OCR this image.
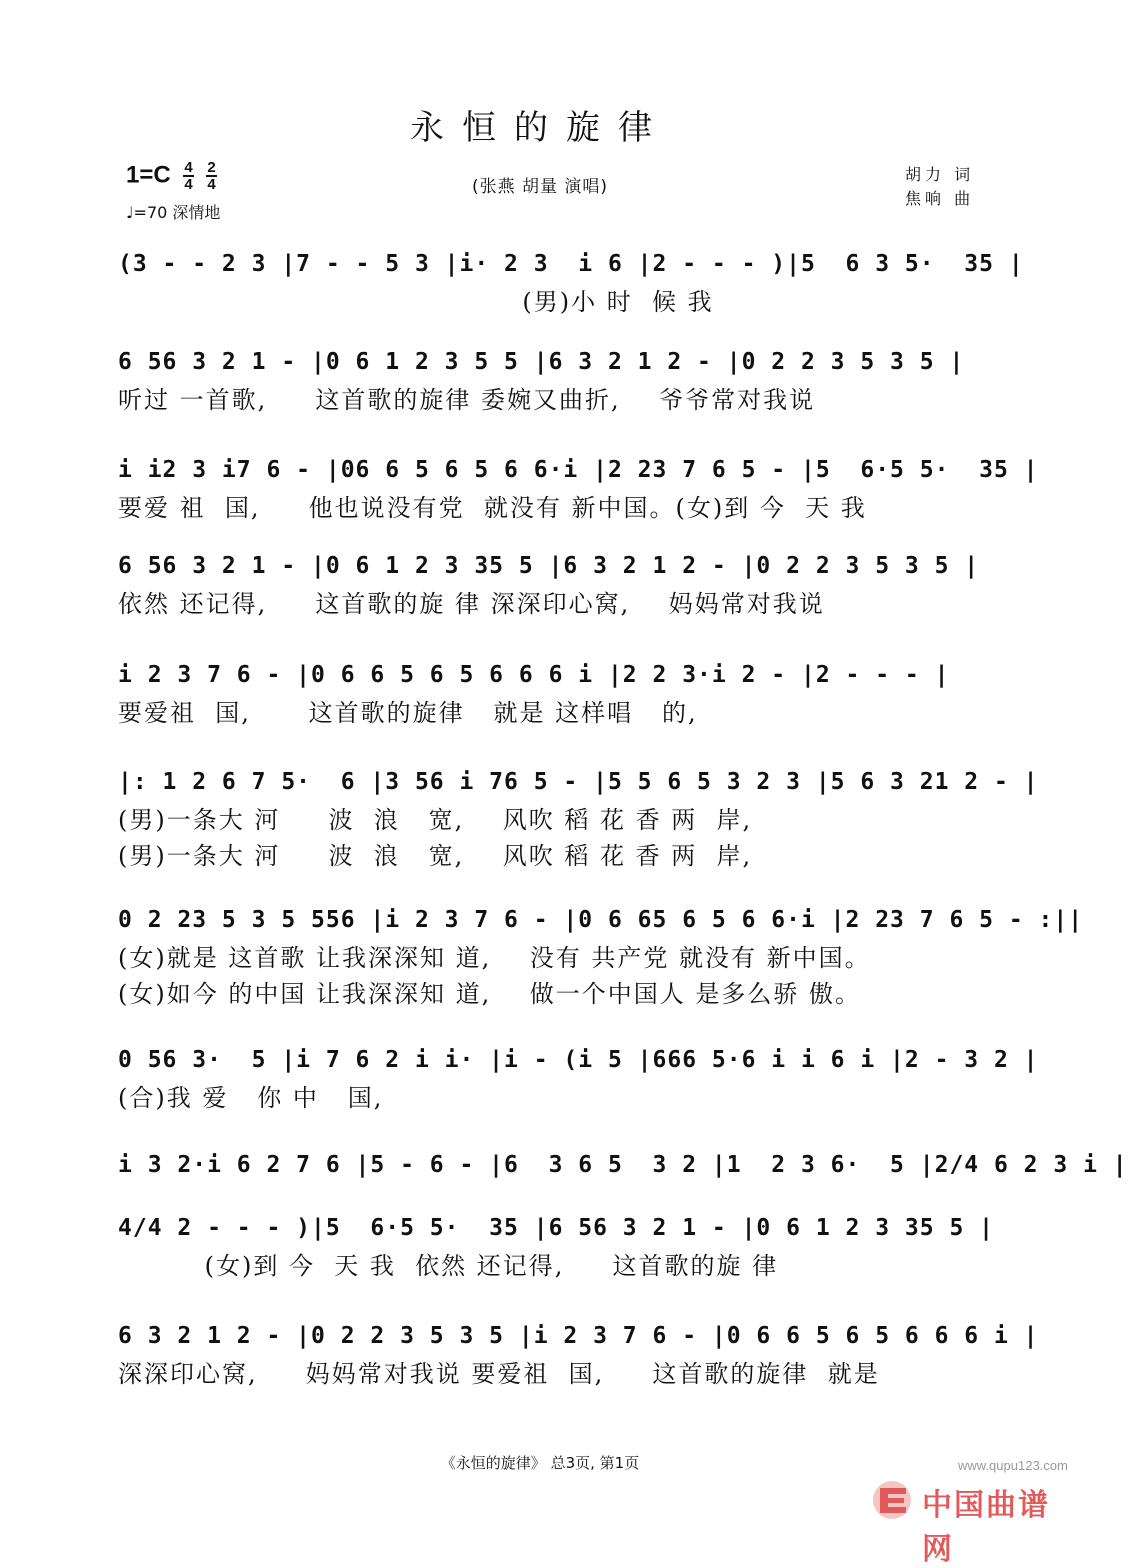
永恒的旋律
$1=C \frac{4}{4}$
$\frac{2}{4}$
♩=70 深情地
(张燕 胡量 演唱)
胡力 词
焦响 曲
(3 - - 2 3 |7 - - 5 3 |i· 2 3  i 6 |2 - - - )|5  6 3 5·  35 |
(男)小 时  候 我
6 56 3 2 1 - |0 6 1 2 3 5 5 |6 3 2 1 2 - |0 2 2 3 5 3 5 |
听过 一首歌,     这首歌的旋律 委婉又曲折,    爷爷常对我说
i i2 3 i7 6 - |06 6 5 6 5 6 6·i |2 23 7 6 5 - |5  6·5 5·  35 |
要爱 祖  国,     他也说没有党  就没有 新中国。(女)到 今  天 我
6 56 3 2 1 - |0 6 1 2 3 35 5 |6 3 2 1 2 - |0 2 2 3 5 3 5 |
依然 还记得,     这首歌的旋 律 深深印心窝,    妈妈常对我说
i 2 3 7 6 - |0 6 6 5 6 5 6 6 6 i |2 2 3·i 2 - |2 - - - |
要爱祖  国,      这首歌的旋律   就是 这样唱   的,
|: 1 2 6 7 5·  6 |3 56 i 76 5 - |5 5 6 5 3 2 3 |5 6 3 21 2 - |
(男)一条大 河     波  浪   宽,    风吹 稻 花 香 两  岸,
(男)一条大 河     波  浪   宽,    风吹 稻 花 香 两  岸,
0 2 23 5 3 5 556 |i 2 3 7 6 - |0 6 65 6 5 6 6·i |2 23 7 6 5 - :||
(女)就是 这首歌 让我深深知 道,    没有 共产党 就没有 新中国。
(女)如今 的中国 让我深深知 道,    做一个中国人 是多么骄 傲。
0 56 3·  5 |i 7 6 2 i i· |i - (i 5 |666 5·6 i i 6 i |2 - 3 2 |
(合)我 爱   你 中   国,
i 3 2·i 6 2 7 6 |5 - 6 - |6  3 6 5  3 2 |1  2 3 6·  5 |2/4 6 2 3 i |
4/4 2 - - - )|5  6·5 5·  35 |6 56 3 2 1 - |0 6 1 2 3 35 5 |
(女)到 今  天 我  依然 还记得,     这首歌的旋 律
6 3 2 1 2 - |0 2 2 3 5 3 5 |i 2 3 7 6 - |0 6 6 5 6 5 6 6 6 i |
深深印心窝,     妈妈常对我说 要爱祖  国,     这首歌的旋律  就是
《永恒的旋律》 总3页, 第1页	www.qupu123.com
中国曲谱网
